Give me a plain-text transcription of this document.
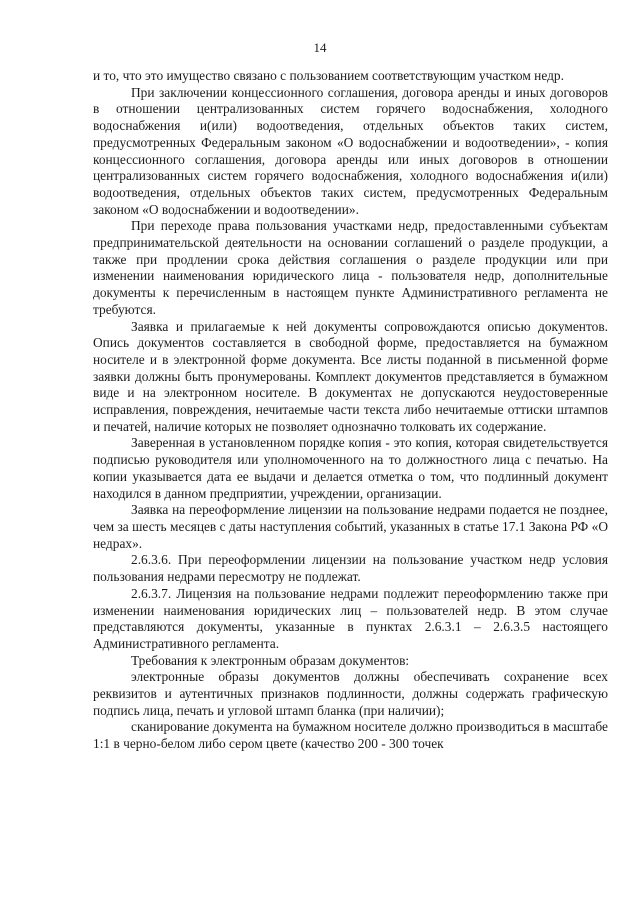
14

и то, что это имущество связано с пользованием соответствующим участком недр.

При заключении концессионного соглашения, договора аренды и иных договоров в отношении централизованных систем горячего водоснабжения, холодного водоснабжения и(или) водоотведения, отдельных объектов таких систем, предусмотренных Федеральным законом «О водоснабжении и водоотведении», - копия концессионного соглашения, договора аренды или иных договоров в отношении централизованных систем горячего водоснабжения, холодного водоснабжения и(или) водоотведения, отдельных объектов таких систем, предусмотренных Федеральным законом «О водоснабжении и водоотведении».

При переходе права пользования участками недр, предоставленными субъектам предпринимательской деятельности на основании соглашений о разделе продукции, а также при продлении срока действия соглашения о разделе продукции или при изменении наименования юридического лица - пользователя недр, дополнительные документы к перечисленным в настоящем пункте Административного регламента не требуются.

Заявка и прилагаемые к ней документы сопровождаются описью документов. Опись документов составляется в свободной форме, предоставляется на бумажном носителе и в электронной форме документа. Все листы поданной в письменной форме заявки должны быть пронумерованы. Комплект документов представляется в бумажном виде и на электронном носителе. В документах не допускаются неудостоверенные исправления, повреждения, нечитаемые части текста либо нечитаемые оттиски штампов и печатей, наличие которых не позволяет однозначно толковать их содержание.

Заверенная в установленном порядке копия - это копия, которая свидетельствуется подписью руководителя или уполномоченного на то должностного лица с печатью. На копии указывается дата ее выдачи и делается отметка о том, что подлинный документ находился в данном предприятии, учреждении, организации.

Заявка на переоформление лицензии на пользование недрами подается не позднее, чем за шесть месяцев с даты наступления событий, указанных в статье 17.1 Закона РФ «О недрах».

2.6.3.6. При переоформлении лицензии на пользование участком недр условия пользования недрами пересмотру не подлежат.

2.6.3.7. Лицензия на пользование недрами подлежит переоформлению также при изменении наименования юридических лиц – пользователей недр. В этом случае представляются документы, указанные в пунктах 2.6.3.1 – 2.6.3.5 настоящего Административного регламента.

Требования к электронным образам документов:

электронные образы документов должны обеспечивать сохранение всех реквизитов и аутентичных признаков подлинности, должны содержать графическую подпись лица, печать и угловой штамп бланка (при наличии);

сканирование документа на бумажном носителе должно производиться в масштабе 1:1 в черно-белом либо сером цвете (качество 200 - 300 точек
